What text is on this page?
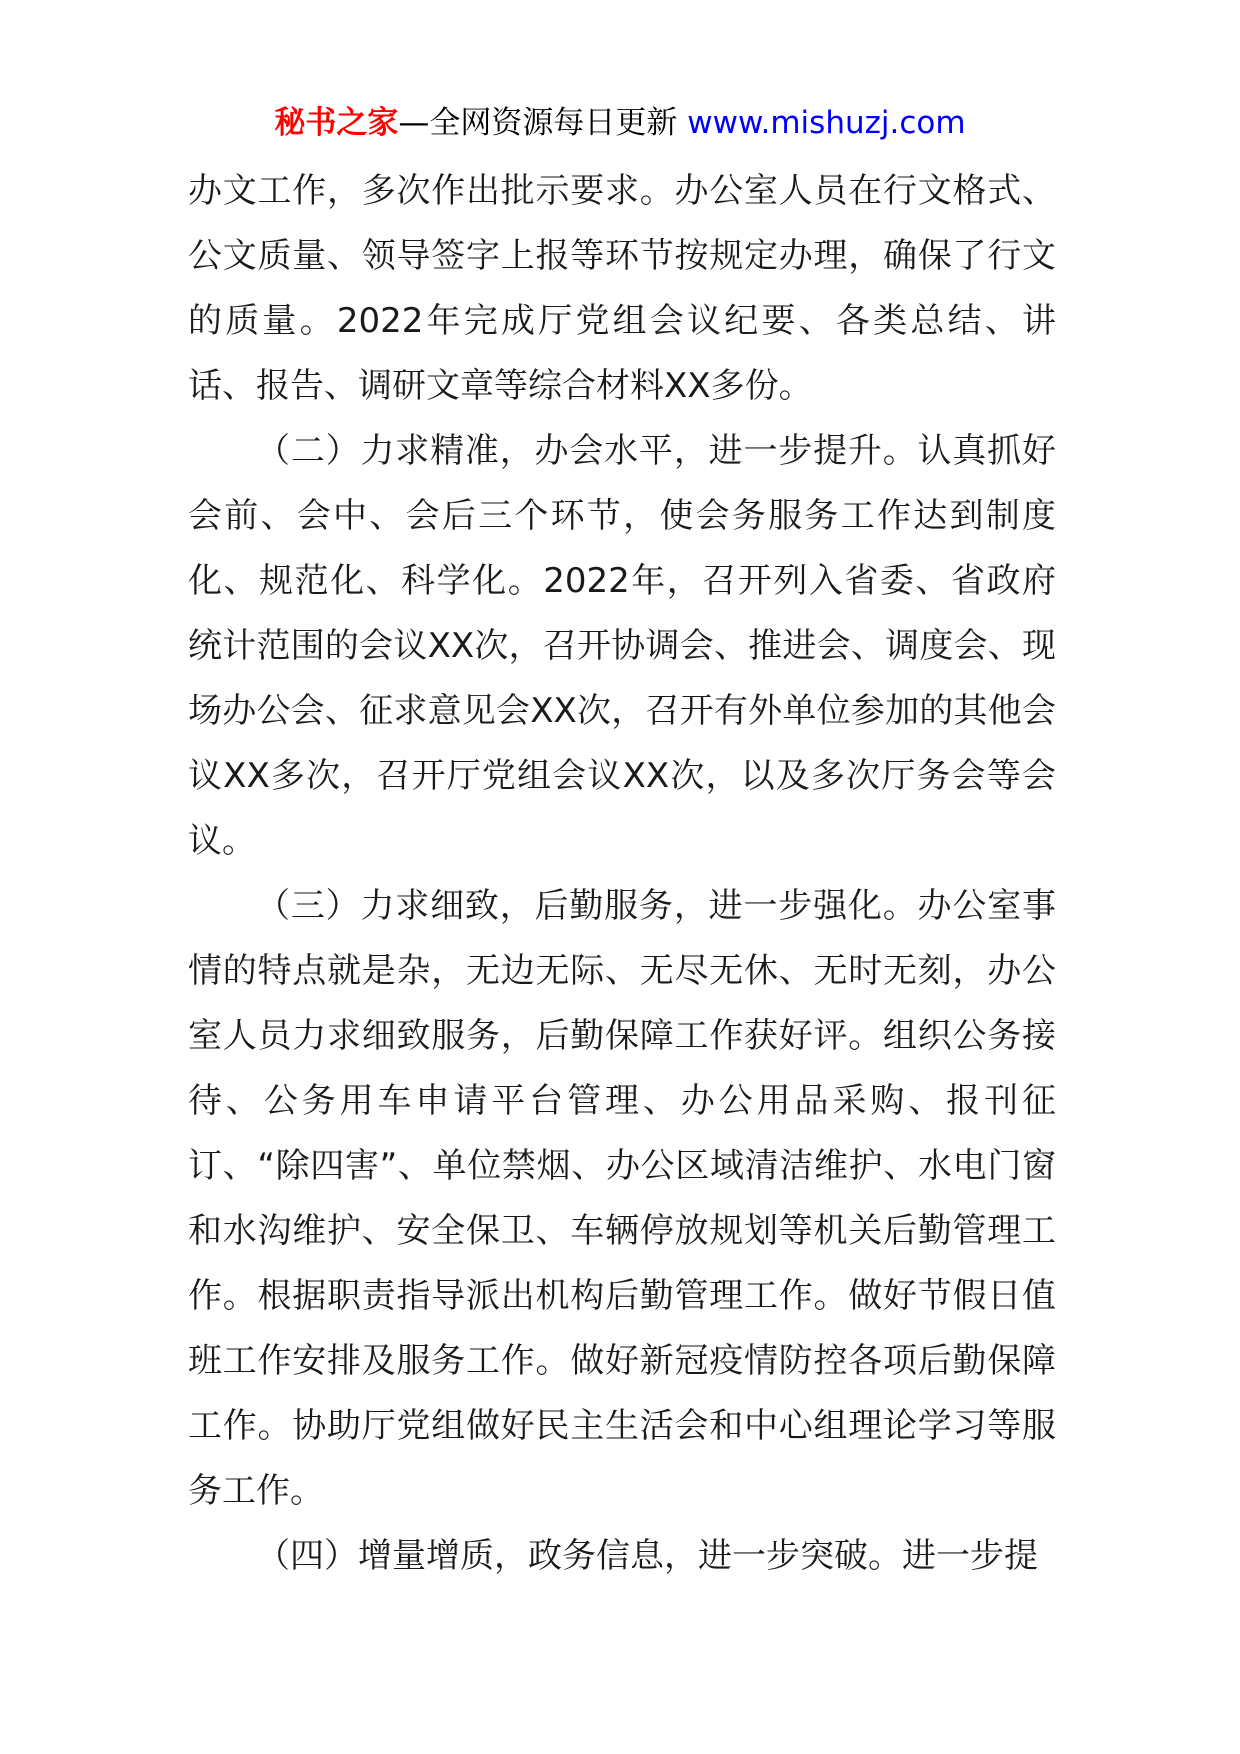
秘书之家—全网资源每日更新 www.mishuzj.com

办文工作，多次作出批示要求。办公室人员在行文格式、公文质量、领导签字上报等环节按规定办理，确保了行文的质量。2022年完成厅党组会议纪要、各类总结、讲话、报告、调研文章等综合材料XX多份。

（二）力求精准，办会水平，进一步提升。认真抓好会前、会中、会后三个环节，使会务服务工作达到制度化、规范化、科学化。2022年，召开列入省委、省政府统计范围的会议XX次，召开协调会、推进会、调度会、现场办公会、征求意见会XX次，召开有外单位参加的其他会议XX多次，召开厅党组会议XX次，以及多次厅务会等会议。

（三）力求细致，后勤服务，进一步强化。办公室事情的特点就是杂，无边无际、无尽无休、无时无刻，办公室人员力求细致服务，后勤保障工作获好评。组织公务接待、公务用车申请平台管理、办公用品采购、报刊征订、“除四害”、单位禁烟、办公区域清洁维护、水电门窗和水沟维护、安全保卫、车辆停放规划等机关后勤管理工作。根据职责指导派出机构后勤管理工作。做好节假日值班工作安排及服务工作。做好新冠疫情防控各项后勤保障工作。协助厅党组做好民主生活会和中心组理论学习等服务工作。

（四）增量增质，政务信息，进一步突破。进一步提
